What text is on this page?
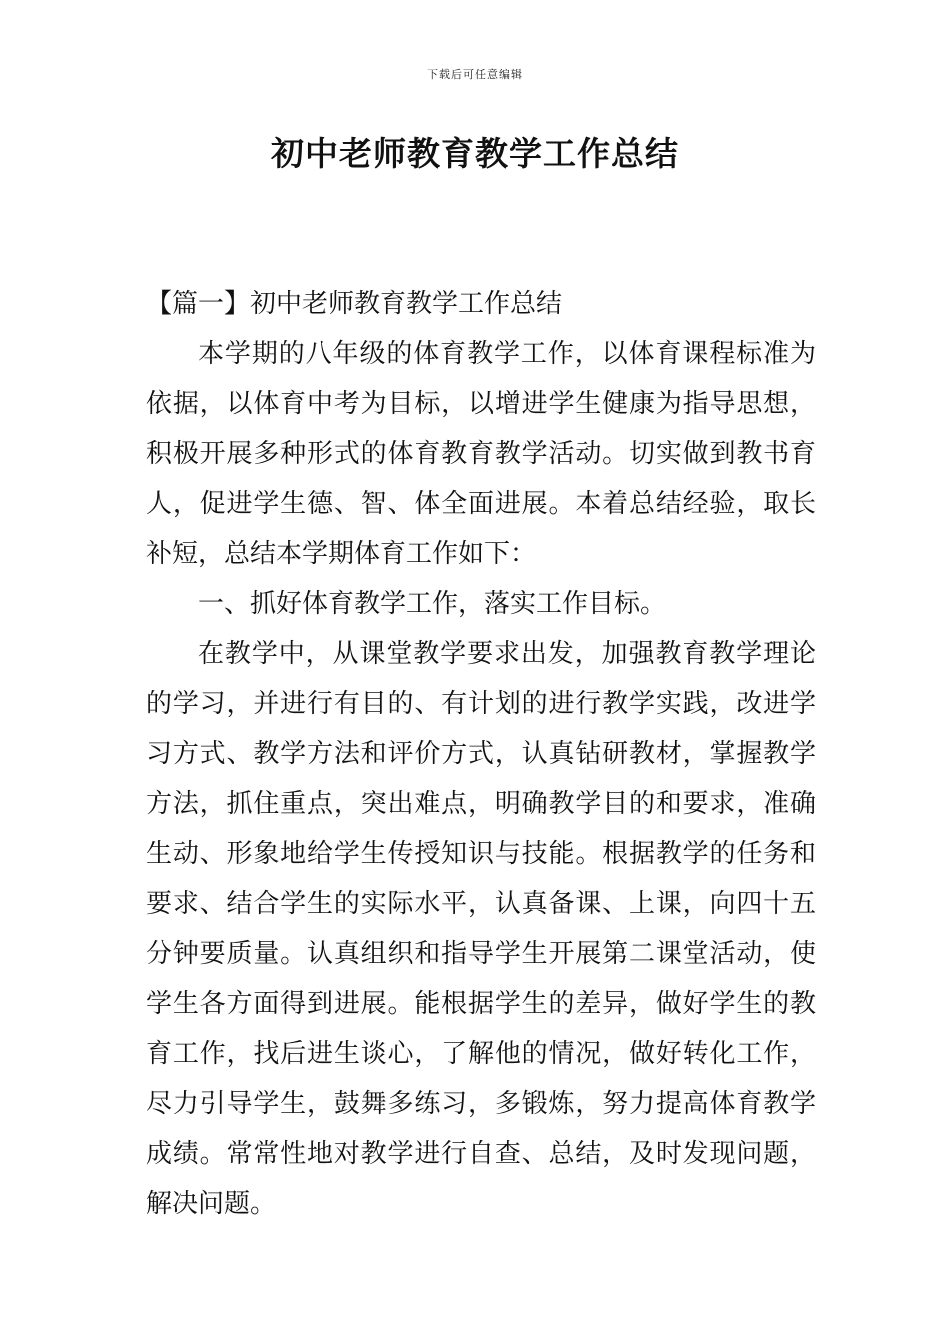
下载后可任意编辑
初中老师教育教学工作总结

【篇一】初中老师教育教学工作总结

本学期的八年级的体育教学工作，以体育课程标准为依据，以体育中考为目标，以增进学生健康为指导思想，积极开展多种形式的体育教育教学活动。切实做到教书育人，促进学生德、智、体全面进展。本着总结经验，取长补短，总结本学期体育工作如下：

一、抓好体育教学工作，落实工作目标。

在教学中，从课堂教学要求出发，加强教育教学理论的学习，并进行有目的、有计划的进行教学实践，改进学习方式、教学方法和评价方式，认真钻研教材，掌握教学方法，抓住重点，突出难点，明确教学目的和要求，准确生动、形象地给学生传授知识与技能。根据教学的任务和要求、结合学生的实际水平，认真备课、上课，向四十五分钟要质量。认真组织和指导学生开展第二课堂活动，使学生各方面得到进展。能根据学生的差异，做好学生的教育工作，找后进生谈心，了解他的情况，做好转化工作，尽力引导学生，鼓舞多练习，多锻炼，努力提高体育教学成绩。常常性地对教学进行自查、总结，及时发现问题，解决问题。
